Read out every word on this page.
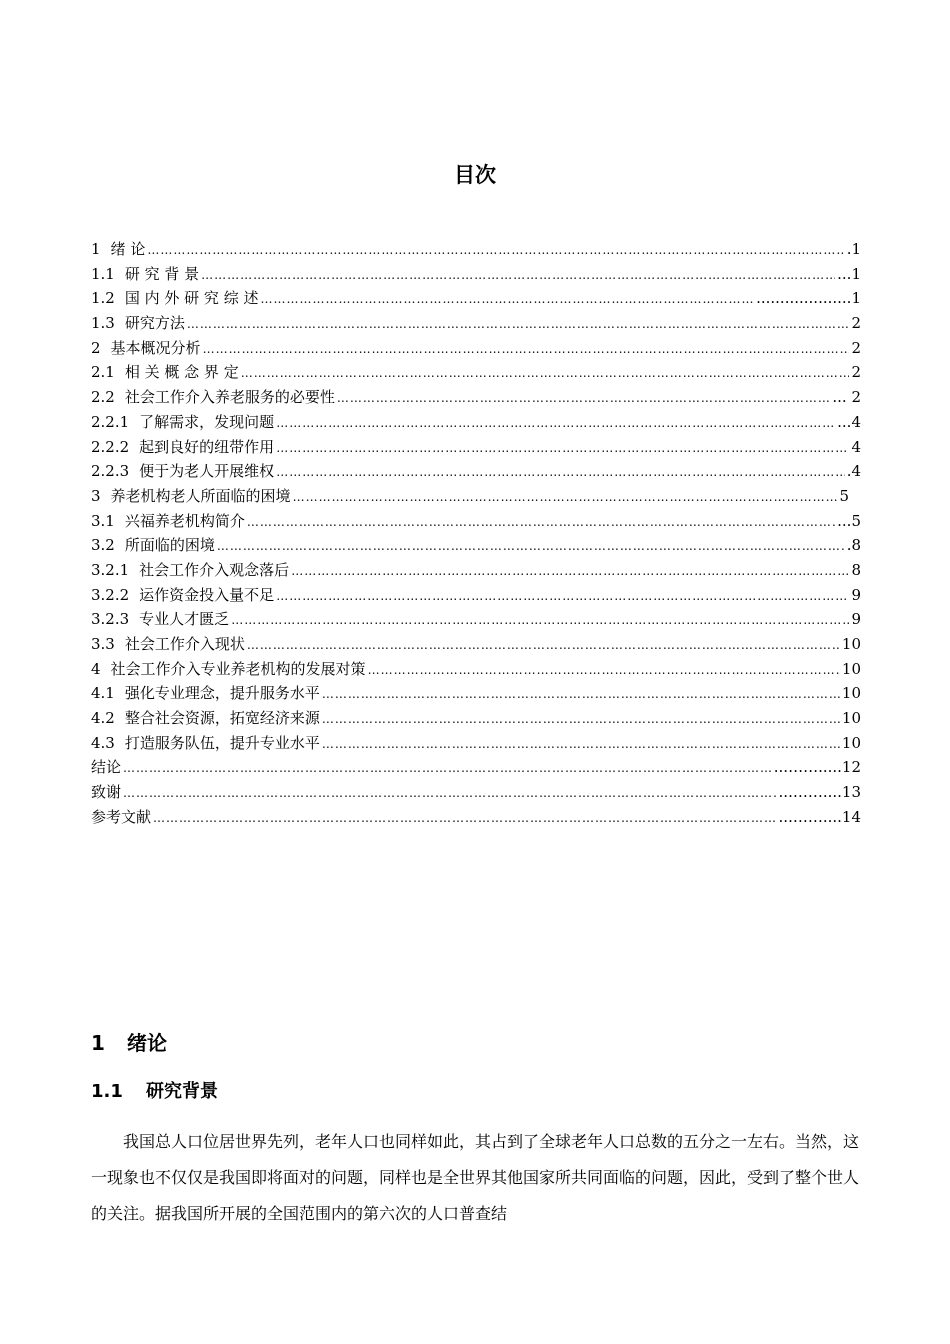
目次
1 绪 论 ……………………………………………………………………………………………………………………………………………………………………………………………………………………	.1
1.1 研 究 背 景 ……………………………………………………………………………………………………………………………………………………………………………………………………………………	...1
1.2 国 内 外 研 究 综 述 ……………………………………………………………………………………………………………………………………………………………………………………………………………………	....................1
1.3 研究方法 ……………………………………………………………………………………………………………………………………………………………………………………………………………………	2
2 基本概况分析 ……………………………………………………………………………………………………………………………………………………………………………………………………………………	2
2.1 相 关 概 念 界 定 ……………………………………………………………………………………………………………………………………………………………………………………………………………………	2
2.2 社会工作介入养老服务的必要性 ……………………………………………………………………………………………………………………………………………………………………………………………………………………	... 2
2.2.1 了解需求，发现问题 ……………………………………………………………………………………………………………………………………………………………………………………………………………………	...4
2.2.2 起到良好的纽带作用 ……………………………………………………………………………………………………………………………………………………………………………………………………………………	4
2.2.3 便于为老人开展维权 ……………………………………………………………………………………………………………………………………………………………………………………………………………………	.4
3 养老机构老人所面临的困境 ……………………………………………………………………………………………………………………………………………………………………………………………………………………	5
3.1 兴福养老机构简介 ……………………………………………………………………………………………………………………………………………………………………………………………………………………	...5
3.2 所面临的困境 ……………………………………………………………………………………………………………………………………………………………………………………………………………………	.8
3.2.1 社会工作介入观念落后 ……………………………………………………………………………………………………………………………………………………………………………………………………………………	8
3.2.2 运作资金投入量不足 ……………………………………………………………………………………………………………………………………………………………………………………………………………………	9
3.2.3 专业人才匮乏 ……………………………………………………………………………………………………………………………………………………………………………………………………………………	9
3.3 社会工作介入现状 ……………………………………………………………………………………………………………………………………………………………………………………………………………………	10
4 社会工作介入专业养老机构的发展对策 ……………………………………………………………………………………………………………………………………………………………………………………………………………………	10
4.1 强化专业理念，提升服务水平 ……………………………………………………………………………………………………………………………………………………………………………………………………………………	10
4.2 整合社会资源，拓宽经济来源 ……………………………………………………………………………………………………………………………………………………………………………………………………………………	10
4.3 打造服务队伍，提升专业水平 ……………………………………………………………………………………………………………………………………………………………………………………………………………………	10
结论 ……………………………………………………………………………………………………………………………………………………………………………………………………………………	...…….....12
致谢 ……………………………………………………………………………………………………………………………………………………………………………………………………………………	...……....13
参考文献 ……………………………………………………………………………………………………………………………………………………………………………………………………………………	...……....14
1	绪论
1.1	研究背景

我国总人口位居世界先列，老年人口也同样如此，其占到了全球老年人口总数的五分之一左右。当然，这一现象也不仅仅是我国即将面对的问题，同样也是全世界其他国家所共同面临的问题，因此，受到了整个世人的关注。据我国所开展的全国范围内的第六次的人口普查结
